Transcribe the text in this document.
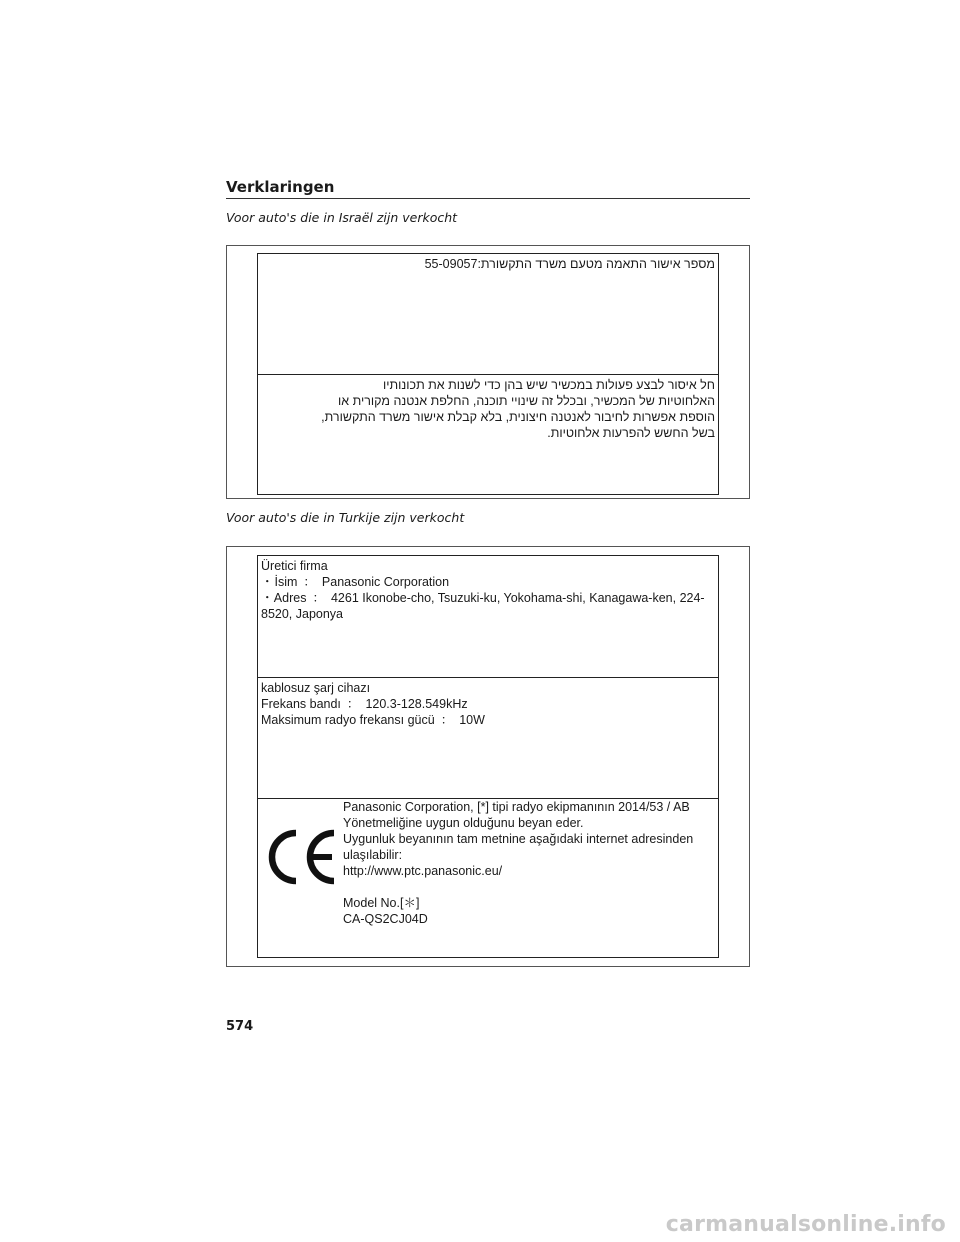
Verklaringen
Voor auto's die in Israël zijn verkocht
מספר אישור התאמה מטעם משרד התקשורת:55-09057
חל איסור לבצע פעולות במכשיר שיש בהן כדי לשנות את תכונותיו
האלחוטיות של המכשיר, ובכלל זה שינויי תוכנה, החלפת אנטנה מקורית או
הוספת אפשרות לחיבור לאנטנה חיצונית, בלא קבלת אישור משרד התקשורת,
בשל החשש להפרעות אלחוטיות.
Voor auto's die in Turkije zijn verkocht
Üretici firma
・ İsim ： Panasonic Corporation
・ Adres ： 4261 Ikonobe-cho, Tsuzuki-ku, Yokohama-shi, Kanagawa-ken, 224-8520, Japonya
kablosuz şarj cihazı
Frekans bandı ： 120.3-128.549kHz
Maksimum radyo frekansı gücü ： 10W
Panasonic Corporation, [*] tipi radyo ekipmanının 2014/53 / AB
Yönetmeliğine uygun olduğunu beyan eder.
Uygunluk beyanının tam metnine aşağıdaki internet adresinden
ulaşılabilir:
http://www.ptc.panasonic.eu/
Model No.[＊]
CA-QS2CJ04D
574
carmanualsonline.info
